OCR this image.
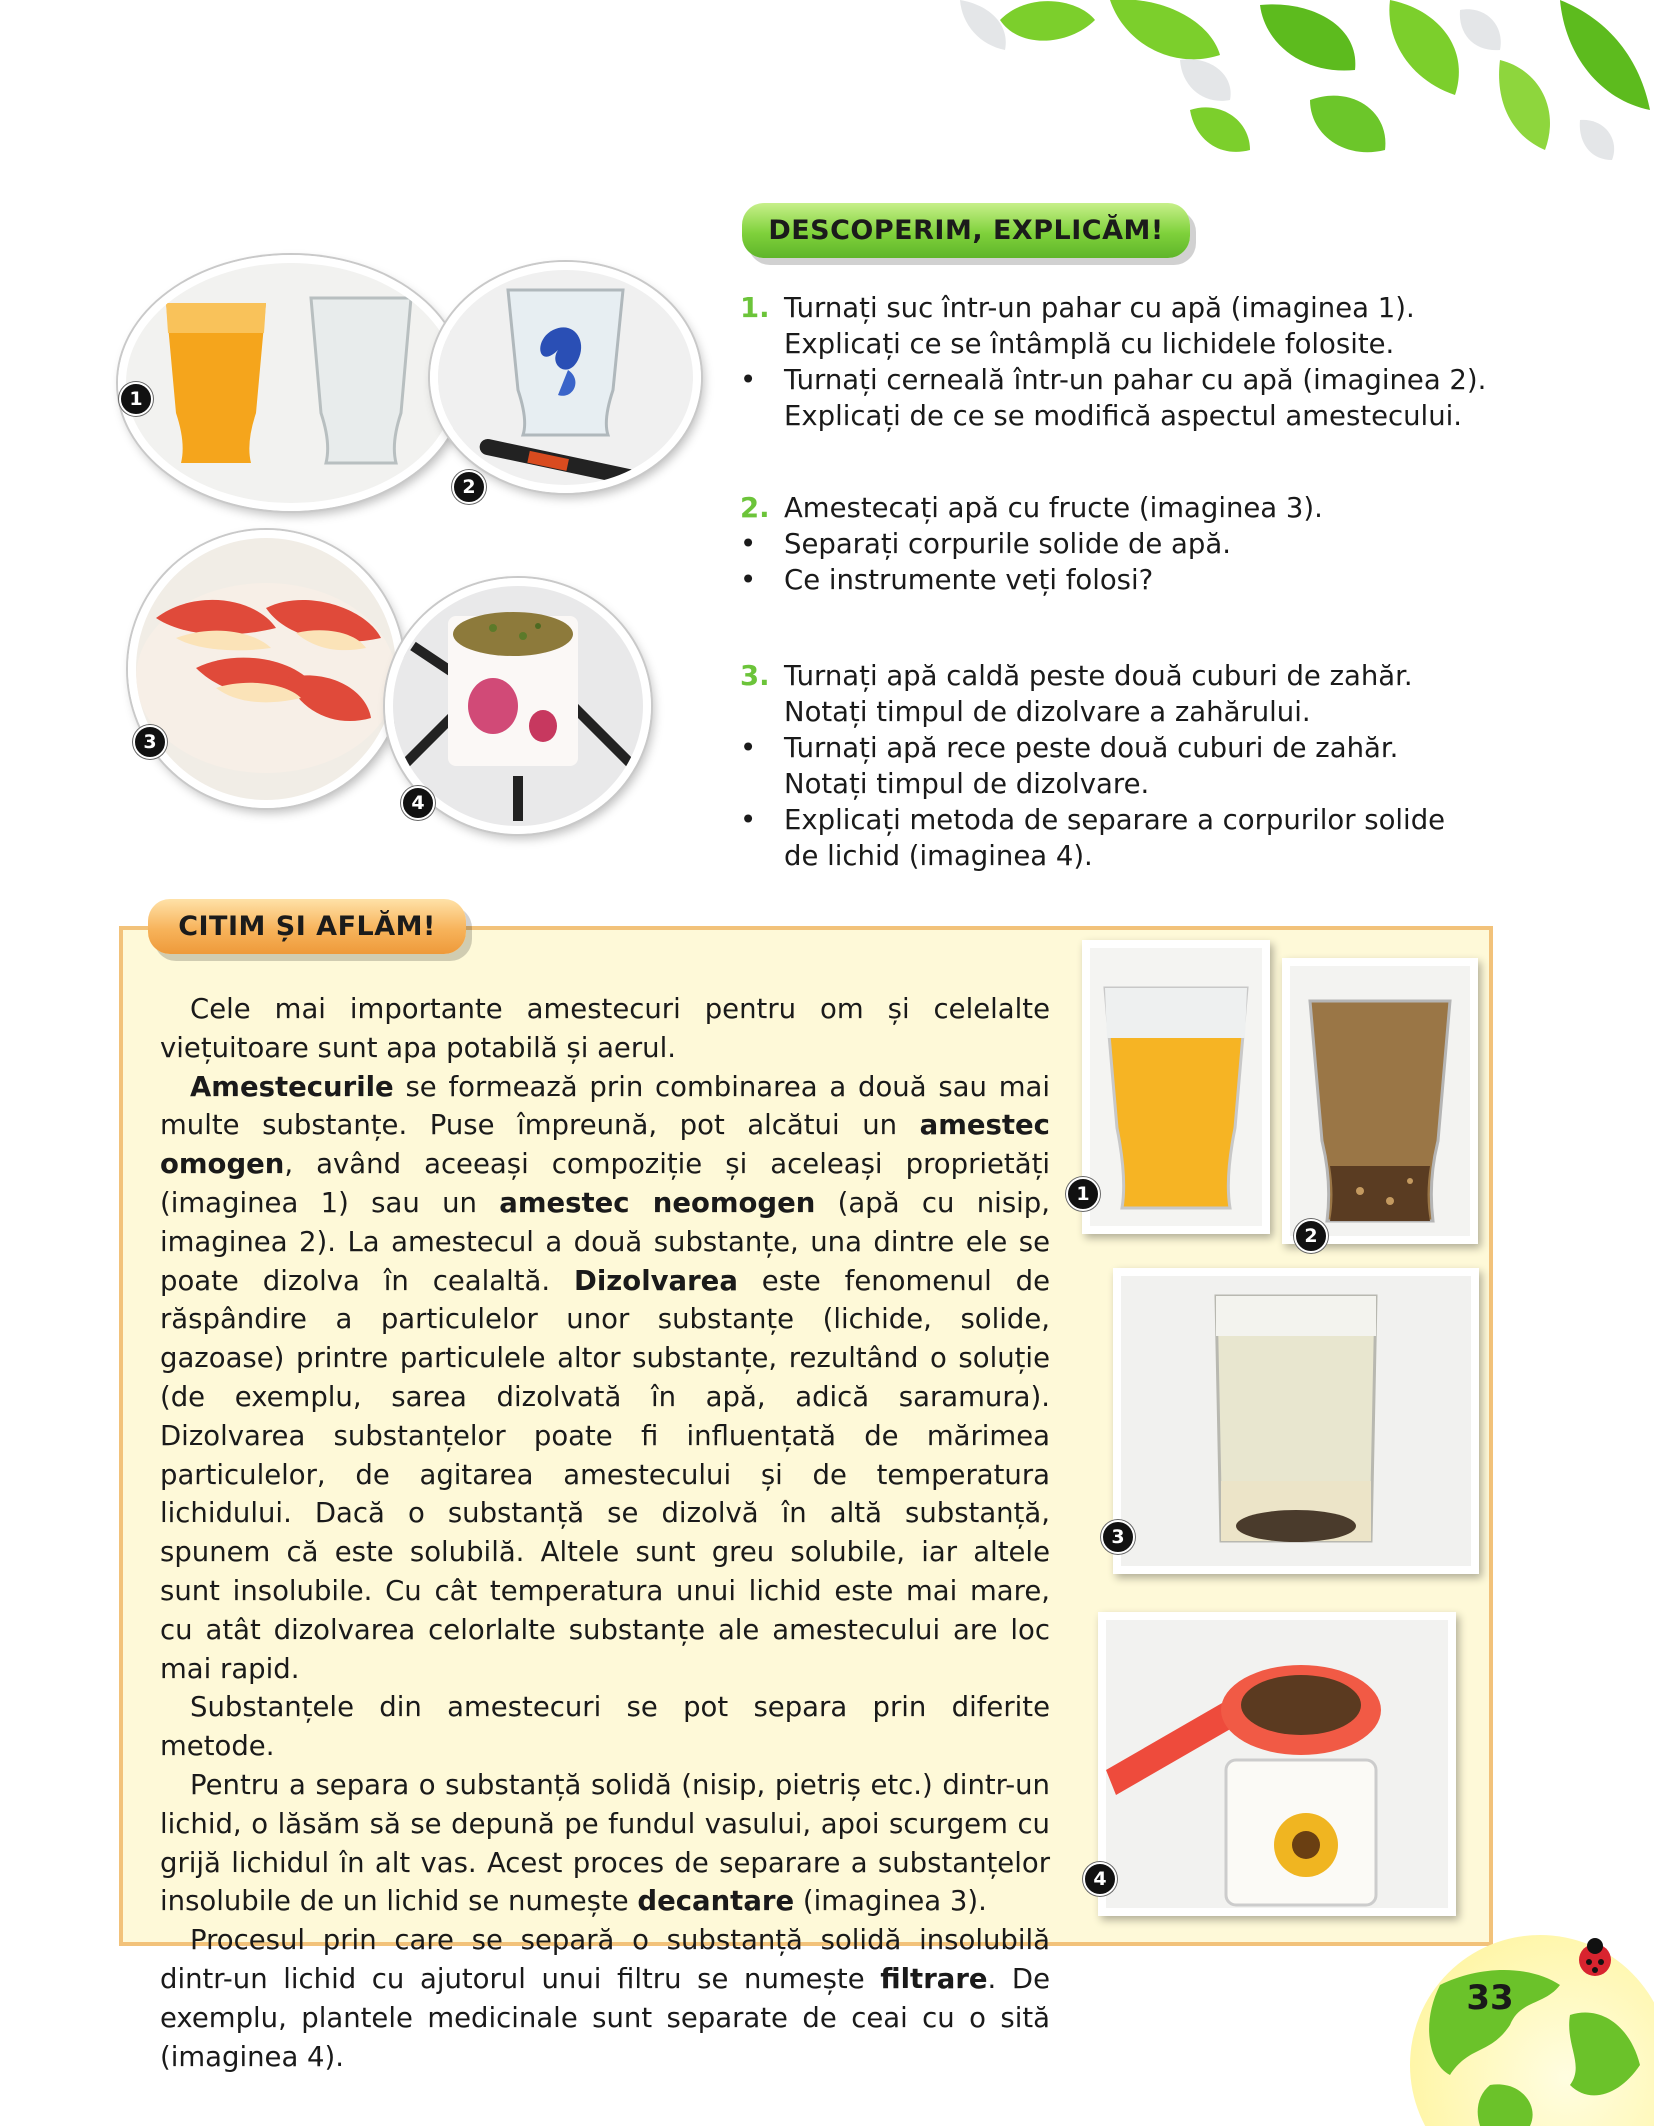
DESCOPERIM, EXPLICĂM!
1. Turnați suc într-un pahar cu apă (imaginea 1).
Explicați ce se întâmplă cu lichidele folosite.
•	Turnați cerneală într-un pahar cu apă (imaginea 2).
Explicați de ce se modifică aspectul amestecului.
2. Amestecați apă cu fructe (imaginea 3).
•	Separați corpurile solide de apă.
•	Ce instrumente veți folosi?
3. Turnați apă caldă peste două cuburi de zahăr.
Notați timpul de dizolvare a zahărului.
•	Turnați apă rece peste două cuburi de zahăr.
Notați timpul de dizolvare.
•	Explicați metoda de separare a corpurilor solide
de lichid (imaginea 4).
1
2
3
4
CITIM ȘI AFLĂM!

Cele mai importante amestecuri pentru om și celelalte viețuitoare sunt apa potabilă și aerul.

Amestecurile se formează prin combinarea a două sau mai multe substanțe. Puse împreună, pot alcătui un amestec omogen, având aceeași compoziție și aceleași proprietăți (imaginea 1) sau un amestec neomogen (apă cu nisip, imaginea 2). La amestecul a două substanțe, una dintre ele se poate dizolva în cealaltă. Dizolvarea este fenomenul de răspândire a particulelor unor substanțe (lichide, solide, gazoase) printre particulele altor substanțe, rezultând o soluție (de exemplu, sarea dizolvată în apă, adică saramura). Dizolvarea substanțelor poate fi influențată de mărimea particulelor, de agitarea amestecului și de temperatura lichidului. Dacă o substanță se dizolvă în altă substanță, spunem că este solubilă. Altele sunt greu solubile, iar altele sunt insolubile. Cu cât temperatura unui lichid este mai mare, cu atât dizolvarea celorlalte substanțe ale amestecului are loc mai rapid.

Substanțele din amestecuri se pot separa prin diferite metode.

Pentru a separa o substanță solidă (nisip, pietriș etc.) dintr-un lichid, o lăsăm să se depună pe fundul vasului, apoi scurgem cu grijă lichidul în alt vas. Acest proces de separare a substanțelor insolubile de un lichid se numește decantare (imaginea 3).

Procesul prin care se separă o substanță solidă insolubilă dintr-un lichid cu ajutorul unui filtru se numește filtrare. De exemplu, plantele medicinale sunt separate de ceai cu o sită (imaginea 4).

1
2
3
4
33
